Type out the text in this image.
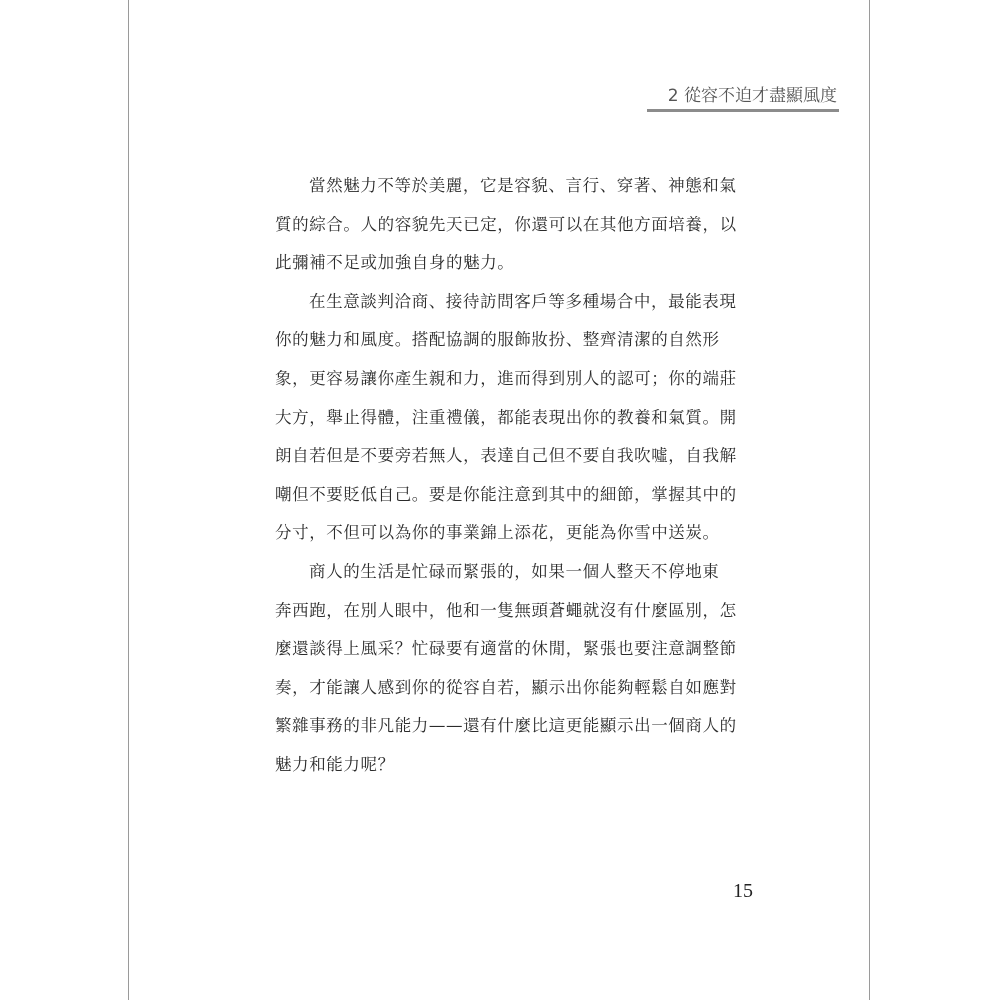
2 從容不迫才盡顯風度
當然魅力不等於美麗，它是容貌、言行、穿著、神態和氣
質的綜合。人的容貌先天已定，你還可以在其他方面培養，以
此彌補不足或加強自身的魅力。
在生意談判洽商、接待訪問客戶等多種場合中，最能表現
你的魅力和風度。搭配協調的服飾妝扮、整齊清潔的自然形
象，更容易讓你產生親和力，進而得到別人的認可；你的端莊
大方，舉止得體，注重禮儀，都能表現出你的教養和氣質。開
朗自若但是不要旁若無人，表達自己但不要自我吹噓，自我解
嘲但不要貶低自己。要是你能注意到其中的細節，掌握其中的
分寸，不但可以為你的事業錦上添花，更能為你雪中送炭。
商人的生活是忙碌而緊張的，如果一個人整天不停地東
奔西跑，在別人眼中，他和一隻無頭蒼蠅就沒有什麼區別，怎
麼還談得上風采？忙碌要有適當的休閒，緊張也要注意調整節
奏，才能讓人感到你的從容自若，顯示出你能夠輕鬆自如應對
繁雜事務的非凡能力——還有什麼比這更能顯示出一個商人的
魅力和能力呢？
15
